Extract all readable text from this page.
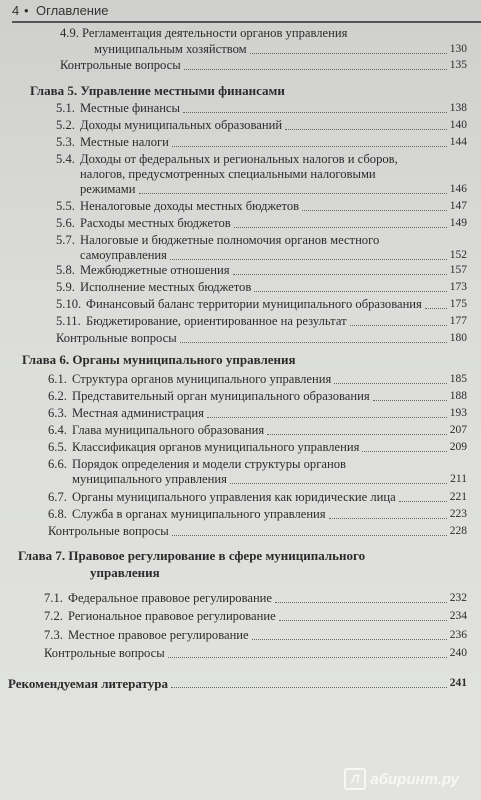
4 • Оглавление
4.9. Регламентация деятельности органов управления
муниципальным хозяйством	130
Контрольные вопросы	135
Глава 5. Управление местными финансами
5.1. Местные финансы	138
5.2. Доходы муниципальных образований	140
5.3. Местные налоги	144
5.4. Доходы от федеральных и региональных налогов и сборов,
налогов, предусмотренных специальными налоговыми
режимами	146
5.5. Неналоговые доходы местных бюджетов	147
5.6. Расходы местных бюджетов	149
5.7. Налоговые и бюджетные полномочия органов местного
самоуправления	152
5.8. Межбюджетные отношения	157
5.9. Исполнение местных бюджетов	173
5.10. Финансовый баланс территории муниципального образования 175
5.11. Бюджетирование, ориентированное на результат	177
Контрольные вопросы	180
Глава 6. Органы муниципального управления
6.1. Структура органов муниципального управления	185
6.2. Представительный орган муниципального образования	188
6.3. Местная администрация	193
6.4. Глава муниципального образования	207
6.5. Классификация органов муниципального управления	209
6.6. Порядок определения и модели структуры органов
муниципального управления	211
6.7. Органы муниципального управления как юридические лица	221
6.8. Служба в органах муниципального управления	223
Контрольные вопросы	228
Глава 7. Правовое регулирование в сфере муниципального
управления
7.1. Федеральное правовое регулирование	232
7.2. Региональное правовое регулирование	234
7.3. Местное правовое регулирование	236
Контрольные вопросы	240
Рекомендуемая литература	241
Л абиринт.ру
